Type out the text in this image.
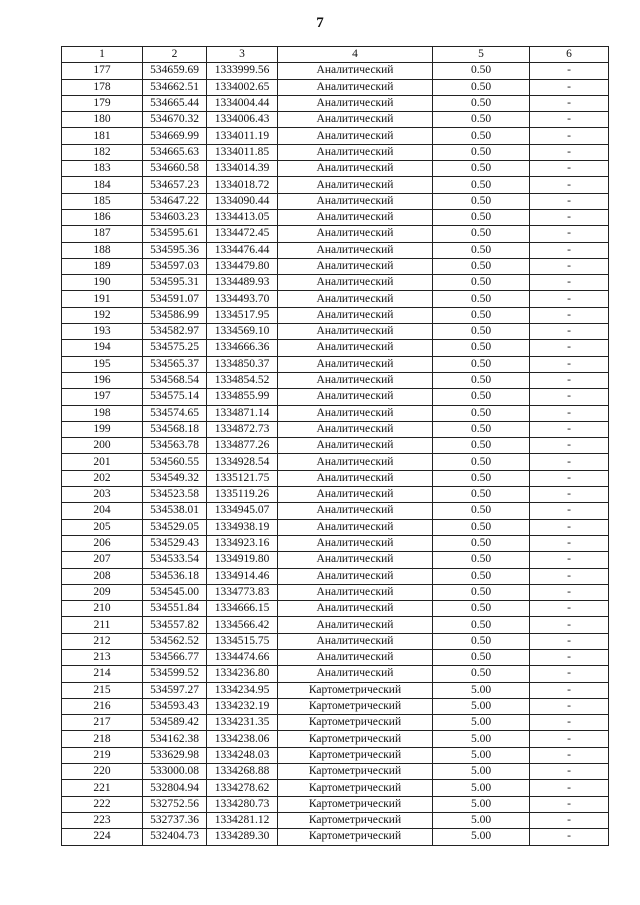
7
1	2	3	4	5	6
177	534659.69	1333999.56	Аналитический	0.50	-
178	534662.51	1334002.65	Аналитический	0.50	-
179	534665.44	1334004.44	Аналитический	0.50	-
180	534670.32	1334006.43	Аналитический	0.50	-
181	534669.99	1334011.19	Аналитический	0.50	-
182	534665.63	1334011.85	Аналитический	0.50	-
183	534660.58	1334014.39	Аналитический	0.50	-
184	534657.23	1334018.72	Аналитический	0.50	-
185	534647.22	1334090.44	Аналитический	0.50	-
186	534603.23	1334413.05	Аналитический	0.50	-
187	534595.61	1334472.45	Аналитический	0.50	-
188	534595.36	1334476.44	Аналитический	0.50	-
189	534597.03	1334479.80	Аналитический	0.50	-
190	534595.31	1334489.93	Аналитический	0.50	-
191	534591.07	1334493.70	Аналитический	0.50	-
192	534586.99	1334517.95	Аналитический	0.50	-
193	534582.97	1334569.10	Аналитический	0.50	-
194	534575.25	1334666.36	Аналитический	0.50	-
195	534565.37	1334850.37	Аналитический	0.50	-
196	534568.54	1334854.52	Аналитический	0.50	-
197	534575.14	1334855.99	Аналитический	0.50	-
198	534574.65	1334871.14	Аналитический	0.50	-
199	534568.18	1334872.73	Аналитический	0.50	-
200	534563.78	1334877.26	Аналитический	0.50	-
201	534560.55	1334928.54	Аналитический	0.50	-
202	534549.32	1335121.75	Аналитический	0.50	-
203	534523.58	1335119.26	Аналитический	0.50	-
204	534538.01	1334945.07	Аналитический	0.50	-
205	534529.05	1334938.19	Аналитический	0.50	-
206	534529.43	1334923.16	Аналитический	0.50	-
207	534533.54	1334919.80	Аналитический	0.50	-
208	534536.18	1334914.46	Аналитический	0.50	-
209	534545.00	1334773.83	Аналитический	0.50	-
210	534551.84	1334666.15	Аналитический	0.50	-
211	534557.82	1334566.42	Аналитический	0.50	-
212	534562.52	1334515.75	Аналитический	0.50	-
213	534566.77	1334474.66	Аналитический	0.50	-
214	534599.52	1334236.80	Аналитический	0.50	-
215	534597.27	1334234.95	Картометрический	5.00	-
216	534593.43	1334232.19	Картометрический	5.00	-
217	534589.42	1334231.35	Картометрический	5.00	-
218	534162.38	1334238.06	Картометрический	5.00	-
219	533629.98	1334248.03	Картометрический	5.00	-
220	533000.08	1334268.88	Картометрический	5.00	-
221	532804.94	1334278.62	Картометрический	5.00	-
222	532752.56	1334280.73	Картометрический	5.00	-
223	532737.36	1334281.12	Картометрический	5.00	-
224	532404.73	1334289.30	Картометрический	5.00	-
